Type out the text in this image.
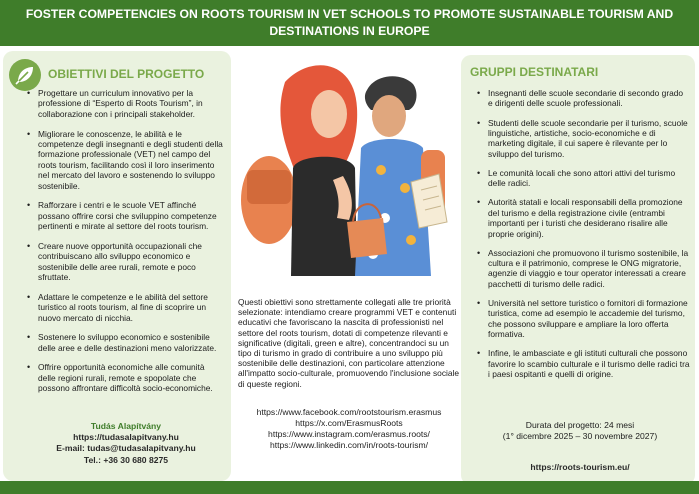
FOSTER COMPETENCIES ON ROOTS TOURISM IN VET SCHOOLS TO PROMOTE SUSTAINABLE TOURISM AND
DESTINATIONS IN EUROPE
OBIETTIVI DEL PROGETTO
• Progettare un curriculum innovativo per la professione di “Esperto di Roots Tourism”, in collaborazione con i principali stakeholder.
• Migliorare le conoscenze, le abilità e le competenze degli insegnanti e degli studenti della formazione professionale (VET) nel campo del roots tourism, facilitando così il loro inserimento nel mercato del lavoro e sostenendo lo sviluppo sostenibile.
• Rafforzare i centri e le scuole VET affinché possano offrire corsi che sviluppino competenze pertinenti e mirate al settore del roots tourism.
• Creare nuove opportunità occupazionali che contribuiscano allo sviluppo economico e sostenibile delle aree rurali, remote e poco sfruttate.
• Adattare le competenze e le abilità del settore turistico al roots tourism, al fine di scoprire un nuovo mercato di nicchia.
• Sostenere lo sviluppo economico e sostenibile delle aree e delle destinazioni meno valorizzate.
• Offrire opportunità economiche alle comunità delle regioni rurali, remote e spopolate che possono affrontare difficoltà socio-economiche.
Tudás Alapítvány
https://tudasalapitvany.hu
E-mail: tudas@tudasalapitvany.hu
Tel.: +36 30 680 8275
Questi obiettivi sono strettamente collegati alle tre priorità selezionate: intendiamo creare programmi VET e contenuti educativi che favoriscano la nascita di professionisti nel settore del roots tourism, dotati di competenze rilevanti e significative (digitali, green e altre), concentrandoci su un tipo di turismo in grado di contribuire a uno sviluppo più sostenibile delle destinazioni, con particolare attenzione all'impatto socio-culturale, promuovendo l'inclusione sociale di queste regioni.
https://www.facebook.com/rootstourism.erasmus
https://x.com/ErasmusRoots
https://www.instagram.com/erasmus.roots/
https://www.linkedin.com/in/roots-tourism/
GRUPPI DESTINATARI
• Insegnanti delle scuole secondarie di secondo grado e dirigenti delle scuole professionali.
• Studenti delle scuole secondarie per il turismo, scuole linguistiche, artistiche, socio-economiche e di marketing digitale, il cui sapere è rilevante per lo sviluppo del turismo.
• Le comunità locali che sono attori attivi del turismo delle radici.
• Autorità statali e locali responsabili della promozione del turismo e della registrazione civile (entrambi importanti per i turisti che desiderano risalire alle proprie origini).
• Associazioni che promuovono il turismo sostenibile, la cultura e il patrimonio, comprese le ONG migratorie, agenzie di viaggio e tour operator interessati a creare pacchetti di turismo delle radici.
• Università nel settore turistico o fornitori di formazione turistica, come ad esempio le accademie del turismo, che possono sviluppare e ampliare la loro offerta formativa.
• Infine, le ambasciate e gli istituti culturali che possono favorire lo scambio culturale e il turismo delle radici tra i paesi ospitanti e quelli di origine.
Durata del progetto: 24 mesi
(1° dicembre 2025 – 30 novembre 2027)
https://roots-tourism.eu/
